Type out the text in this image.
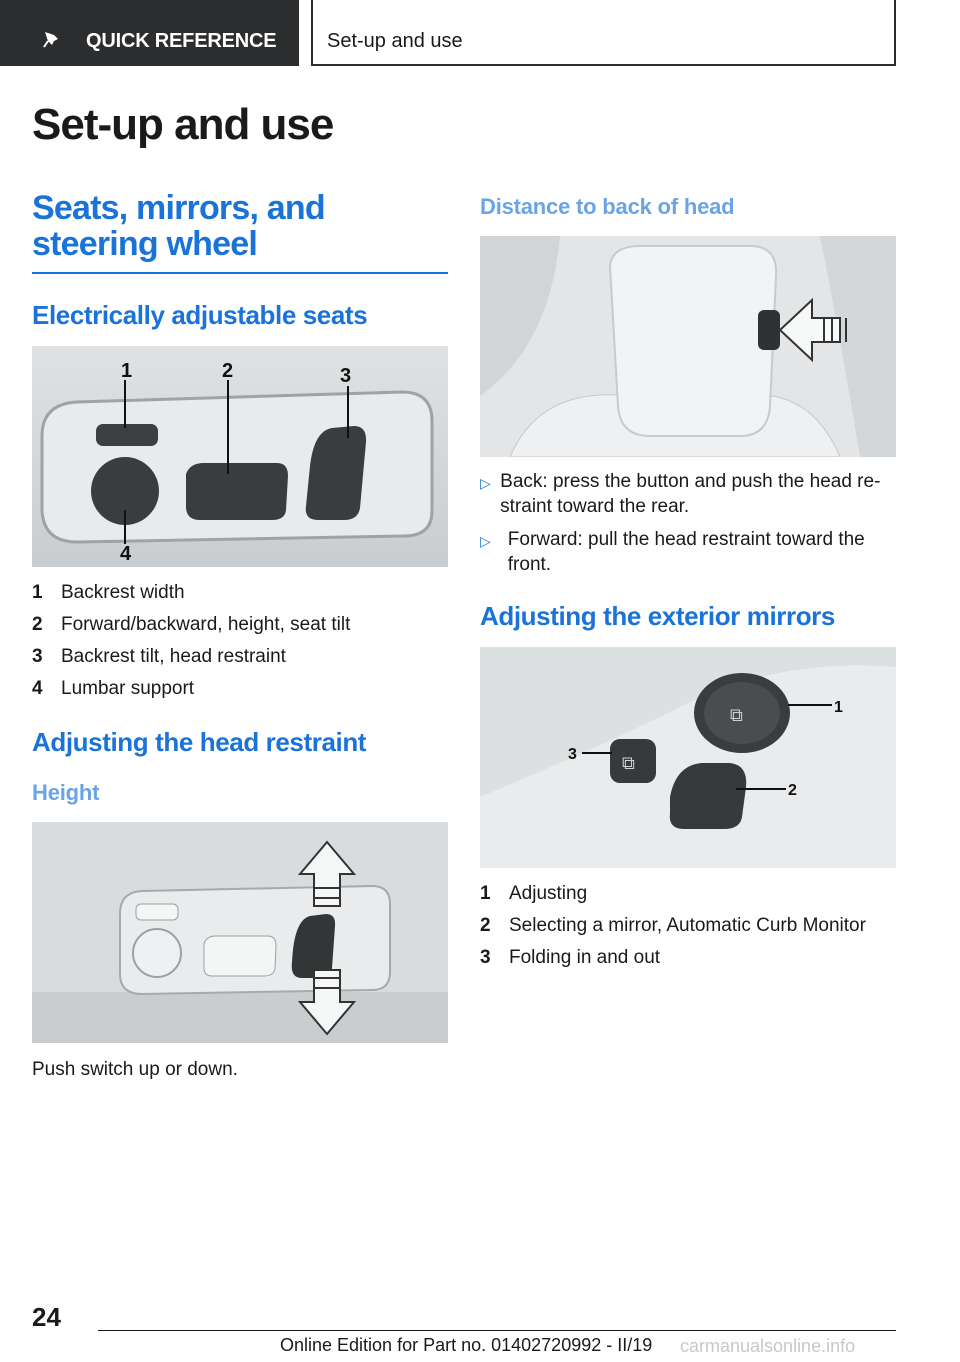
QUICK REFERENCE	Set-up and use
Set-up and use
Seats, mirrors, and steering wheel
Electrically adjustable seats
1	2	3
4
1 Backrest width
2 Forward/backward, height, seat tilt
3 Backrest tilt, head restraint
4 Lumbar support
Adjusting the head restraint
Height
Push switch up or down.
Distance to back of head
▷ Back: press the button and push the head re-straint toward the rear.
▷ Forward: pull the head restraint toward the front.
Adjusting the exterior mirrors
⧉
⧉
1
2
3
1 Adjusting
2 Selecting a mirror, Automatic Curb Monitor
3 Folding in and out
24
Online Edition for Part no. 01402720992 - II/19 carmanualsonline.info
